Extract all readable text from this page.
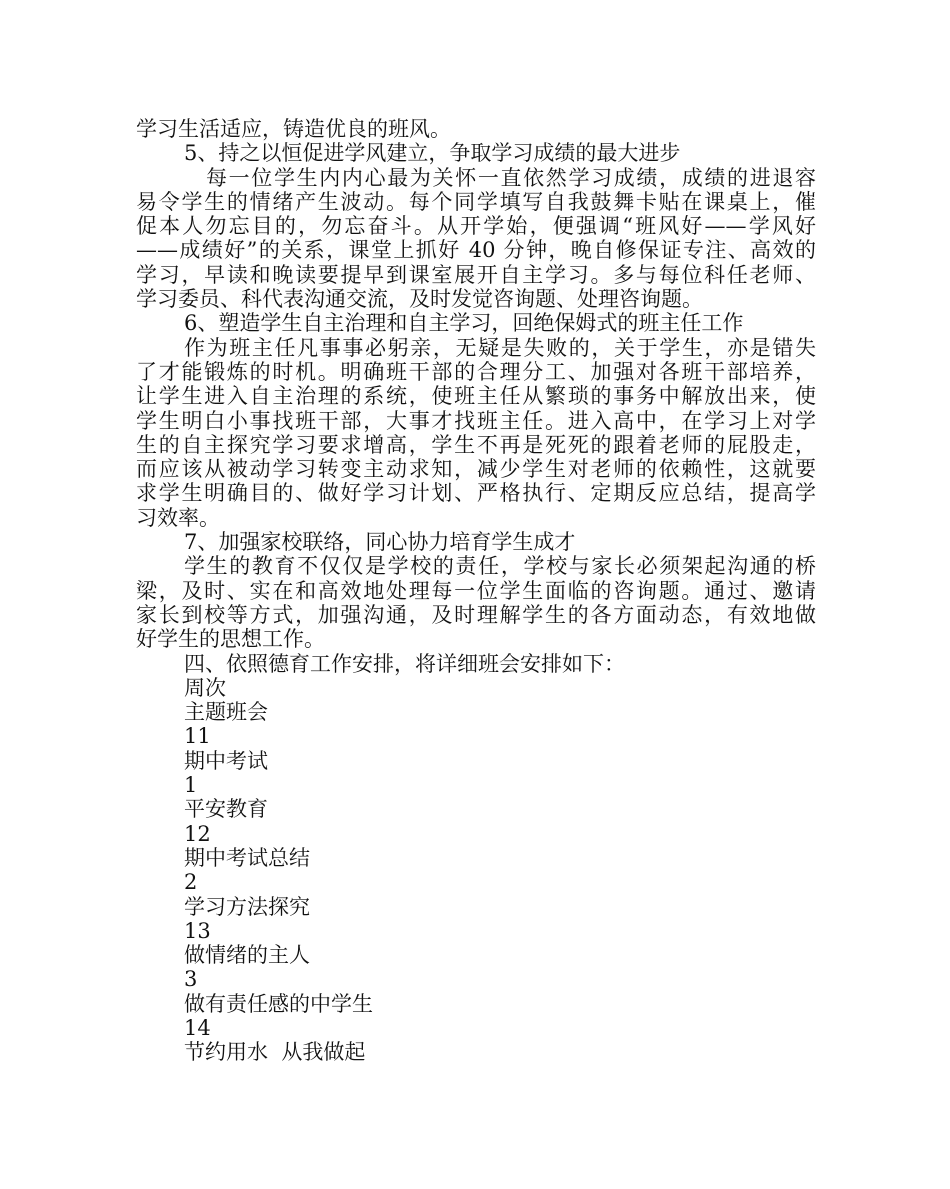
学习生活适应，铸造优良的班风。
5、持之以恒促进学风建立，争取学习成绩的最大进步
每一位学生内内心最为关怀一直依然学习成绩，成绩的进退容
易令学生的情绪产生波动。每个同学填写自我鼓舞卡贴在课桌上，催
促本人勿忘目的，勿忘奋斗。从开学始，便强调“班风好——学风好
——成绩好”的关系，课堂上抓好 40 分钟，晚自修保证专注、高效的
学习，早读和晚读要提早到课室展开自主学习。多与每位科任老师、
学习委员、科代表沟通交流，及时发觉咨询题、处理咨询题。
6、塑造学生自主治理和自主学习，回绝保姆式的班主任工作
作为班主任凡事事必躬亲，无疑是失败的，关于学生，亦是错失
了才能锻炼的时机。明确班干部的合理分工、加强对各班干部培养，
让学生进入自主治理的系统，使班主任从繁琐的事务中解放出来，使
学生明白小事找班干部，大事才找班主任。进入高中，在学习上对学
生的自主探究学习要求增高，学生不再是死死的跟着老师的屁股走，
而应该从被动学习转变主动求知，减少学生对老师的依赖性，这就要
求学生明确目的、做好学习计划、严格执行、定期反应总结，提高学
习效率。
7、加强家校联络，同心协力培育学生成才
学生的教育不仅仅是学校的责任，学校与家长必须架起沟通的桥
梁，及时、实在和高效地处理每一位学生面临的咨询题。通过、邀请
家长到校等方式，加强沟通，及时理解学生的各方面动态，有效地做
好学生的思想工作。
四、依照德育工作安排，将详细班会安排如下：
周次
主题班会
11
期中考试
1
平安教育
12
期中考试总结
2
学习方法探究
13
做情绪的主人
3
做有责任感的中学生
14
节约用水  从我做起
